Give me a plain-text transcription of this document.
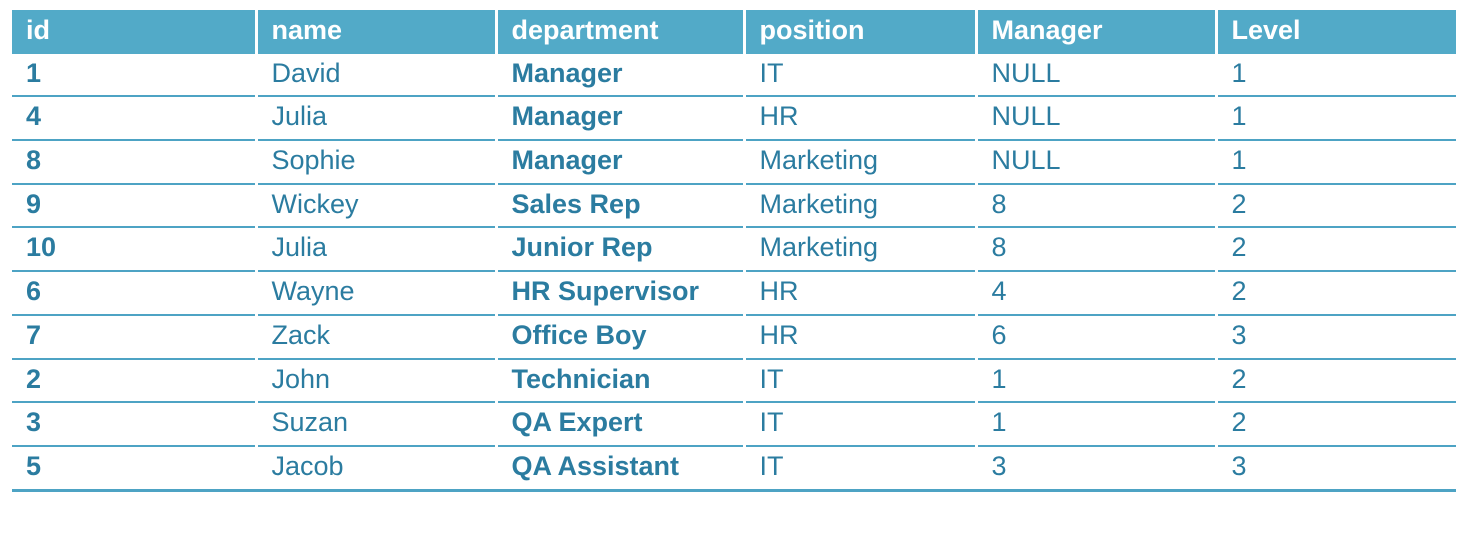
id	name	department	position	Manager	Level
1	David	Manager	IT	NULL	1
4	Julia	Manager	HR	NULL	1
8	Sophie	Manager	Marketing	NULL	1
9	Wickey	Sales Rep	Marketing	8	2
10	Julia	Junior Rep	Marketing	8	2
6	Wayne	HR Supervisor	HR	4	2
7	Zack	Office Boy	HR	6	3
2	John	Technician	IT	1	2
3	Suzan	QA Expert	IT	1	2
5	Jacob	QA Assistant	IT	3	3
